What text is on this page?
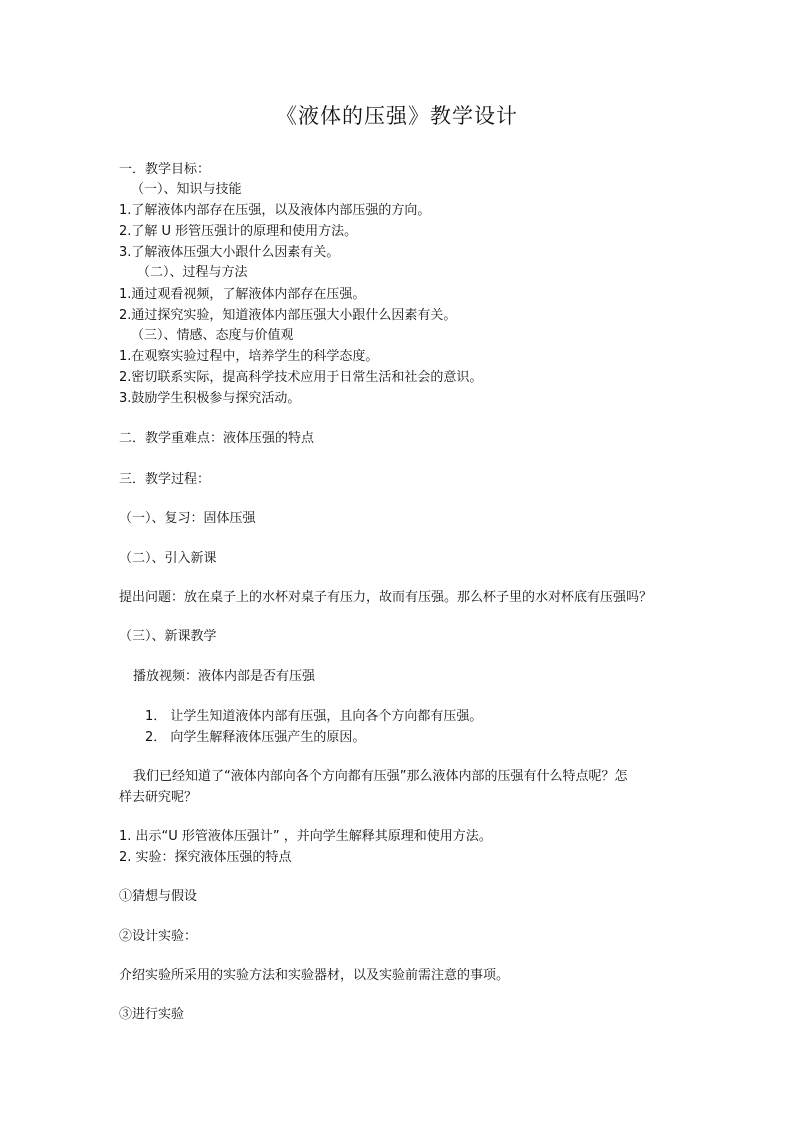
《液体的压强》教学设计
一．教学目标：
（一）、知识与技能
1.了解液体内部存在压强，以及液体内部压强的方向。
2.了解 U 形管压强计的原理和使用方法。
3.了解液体压强大小跟什么因素有关。
（二）、过程与方法
1.通过观看视频，了解液体内部存在压强。
2.通过探究实验，知道液体内部压强大小跟什么因素有关。
（三）、情感、态度与价值观
1.在观察实验过程中，培养学生的科学态度。
2.密切联系实际，提高科学技术应用于日常生活和社会的意识。
3.鼓励学生积极参与探究活动。
二．教学重难点：液体压强的特点
三．教学过程：
（一）、复习：固体压强
（二）、引入新课
提出问题：放在桌子上的水杯对桌子有压力，故而有压强。那么杯子里的水对杯底有压强吗？
（三）、新课教学
播放视频：液体内部是否有压强
1． 让学生知道液体内部有压强，且向各个方向都有压强。
2． 向学生解释液体压强产生的原因。
我们已经知道了“液体内部向各个方向都有压强”那么液体内部的压强有什么特点呢？怎
样去研究呢？
1. 出示“U 形管液体压强计” ，并向学生解释其原理和使用方法。
2. 实验：探究液体压强的特点
①猜想与假设
②设计实验：
介绍实验所采用的实验方法和实验器材，以及实验前需注意的事项。
③进行实验
